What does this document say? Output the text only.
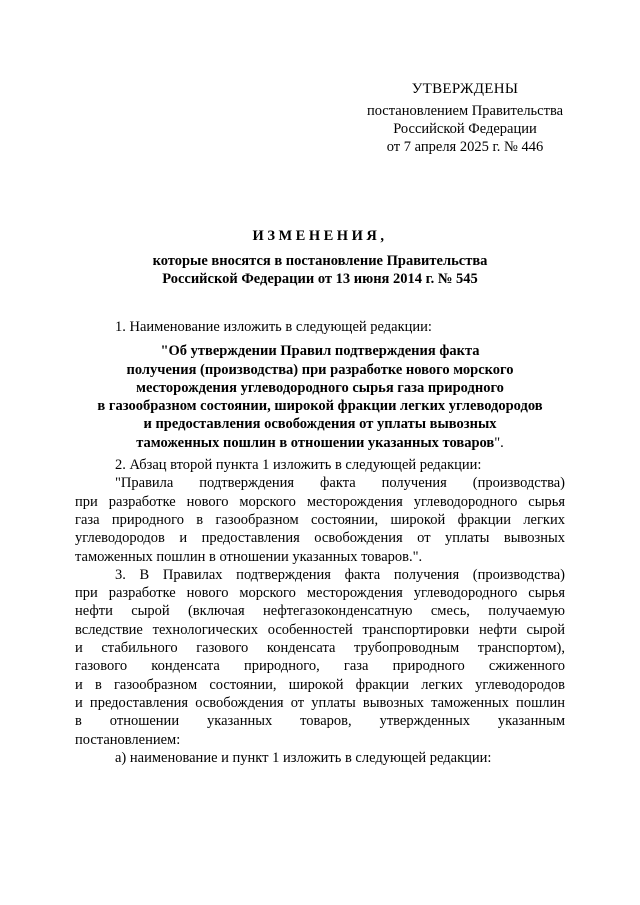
УТВЕРЖДЕНЫ
постановлением Правительства
Российской Федерации
от 7 апреля 2025 г. № 446
ИЗМЕНЕНИЯ,
которые вносятся в постановление Правительства
Российской Федерации от 13 июня 2014 г. № 545

1. Наименование изложить в следующей редакции:

"Об утверждении Правил подтверждения факта
получения (производства) при разработке нового морского
месторождения углеводородного сырья газа природного
в газообразном состоянии, широкой фракции легких углеводородов
и предоставления освобождения от уплаты вывозных
таможенных пошлин в отношении указанных товаров".

2. Абзац второй пункта 1 изложить в следующей редакции:

"Правила подтверждения факта получения (производства)
при разработке нового морского месторождения углеводородного сырья
газа природного в газообразном состоянии, широкой фракции легких
углеводородов и предоставления освобождения от уплаты вывозных
таможенных пошлин в отношении указанных товаров.".
3. В Правилах подтверждения факта получения (производства)
при разработке нового морского месторождения углеводородного сырья
нефти сырой (включая нефтегазоконденсатную смесь, получаемую
вследствие технологических особенностей транспортировки нефти сырой
и стабильного газового конденсата трубопроводным транспортом),
газового конденсата природного, газа природного сжиженного
и в газообразном состоянии, широкой фракции легких углеводородов
и предоставления освобождения от уплаты вывозных таможенных пошлин
в отношении указанных товаров, утвержденных указанным
постановлением:

а) наименование и пункт 1 изложить в следующей редакции:
